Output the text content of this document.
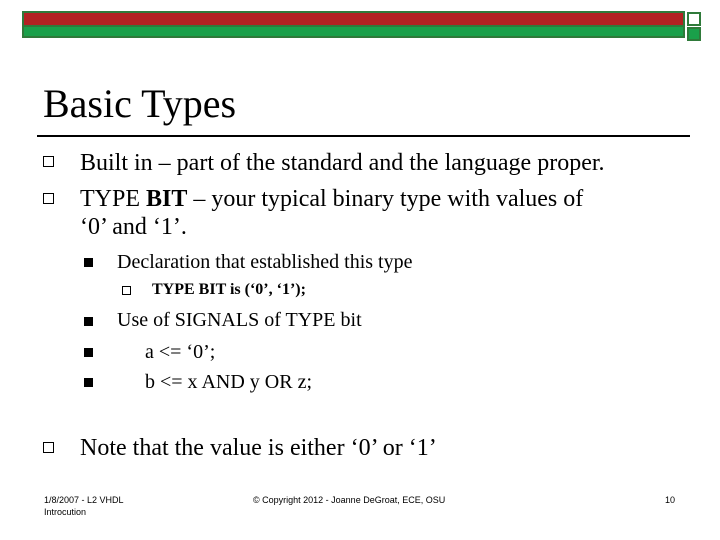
Basic Types
Built in – part of the standard and the language proper.
TYPE BIT – your typical binary type with values of
‘0’ and ‘1’.
Declaration that established this type
TYPE BIT is (‘0’, ‘1’);
Use of SIGNALS of TYPE bit
a <= ‘0’;
b <= x AND y OR z;
Note that the value is either ‘0’ or ‘1’
1/8/2007 - L2 VHDL
Introcution
© Copyright 2012 - Joanne DeGroat, ECE, OSU	10
